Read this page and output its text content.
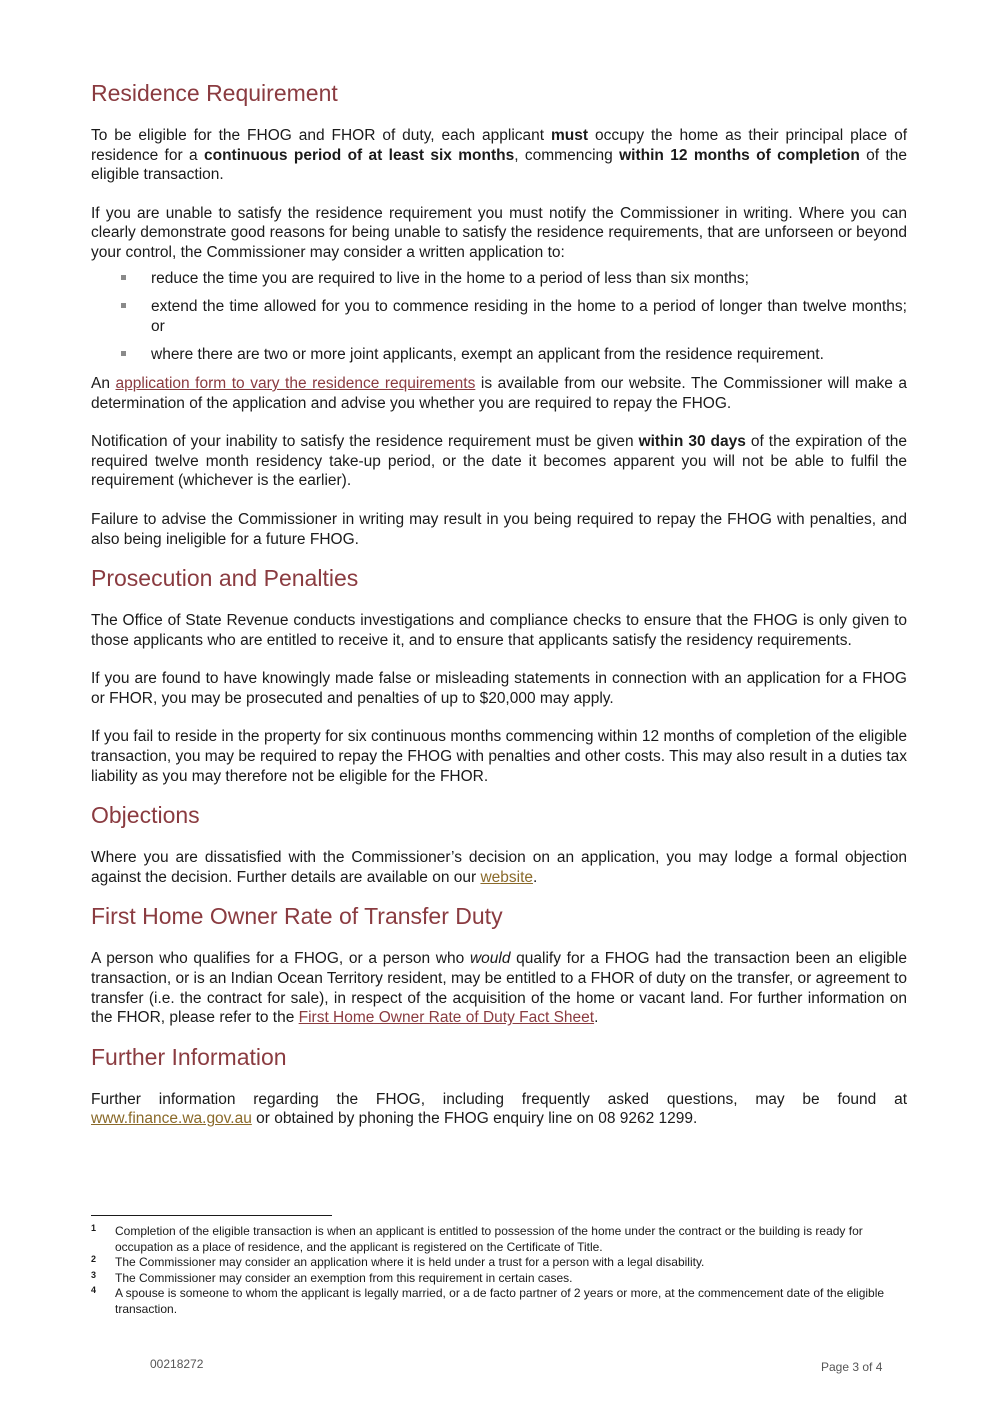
Residence Requirement

To be eligible for the FHOG and FHOR of duty, each applicant must occupy the home as their principal place of residence for a continuous period of at least six months, commencing within 12 months of completion of the eligible transaction.

If you are unable to satisfy the residence requirement you must notify the Commissioner in writing. Where you can clearly demonstrate good reasons for being unable to satisfy the residence requirements, that are unforseen or beyond your control, the Commissioner may consider a written application to:

reduce the time you are required to live in the home to a period of less than six months;
extend the time allowed for you to commence residing in the home to a period of longer than twelve months; or
where there are two or more joint applicants, exempt an applicant from the residence requirement.

An application form to vary the residence requirements is available from our website. The Commissioner will make a determination of the application and advise you whether you are required to repay the FHOG.

Notification of your inability to satisfy the residence requirement must be given within 30 days of the expiration of the required twelve month residency take-up period, or the date it becomes apparent you will not be able to fulfil the requirement (whichever is the earlier).

Failure to advise the Commissioner in writing may result in you being required to repay the FHOG with penalties, and also being ineligible for a future FHOG.

Prosecution and Penalties

The Office of State Revenue conducts investigations and compliance checks to ensure that the FHOG is only given to those applicants who are entitled to receive it, and to ensure that applicants satisfy the residency requirements.

If you are found to have knowingly made false or misleading statements in connection with an application for a FHOG or FHOR, you may be prosecuted and penalties of up to $20,000 may apply.

If you fail to reside in the property for six continuous months commencing within 12 months of completion of the eligible transaction, you may be required to repay the FHOG with penalties and other costs. This may also result in a duties tax liability as you may therefore not be eligible for the FHOR.

Objections

Where you are dissatisfied with the Commissioner’s decision on an application, you may lodge a formal objection against the decision. Further details are available on our website.

First Home Owner Rate of Transfer Duty

A person who qualifies for a FHOG, or a person who would qualify for a FHOG had the transaction been an eligible transaction, or is an Indian Ocean Territory resident, may be entitled to a FHOR of duty on the transfer, or agreement to transfer (i.e. the contract for sale), in respect of the acquisition of the home or vacant land. For further information on the FHOR, please refer to the First Home Owner Rate of Duty Fact Sheet.

Further Information

Further information regarding the FHOG, including frequently asked questions, may be found at www.finance.wa.gov.au or obtained by phoning the FHOG enquiry line on 08 9262 1299.

1 Completion of the eligible transaction is when an applicant is entitled to possession of the home under the contract or the building is ready for occupation as a place of residence, and the applicant is registered on the Certificate of Title.
2 The Commissioner may consider an application where it is held under a trust for a person with a legal disability.
3 The Commissioner may consider an exemption from this requirement in certain cases.
4 A spouse is someone to whom the applicant is legally married, or a de facto partner of 2 years or more, at the commencement date of the eligible transaction.
00218272	Page 3 of 4
